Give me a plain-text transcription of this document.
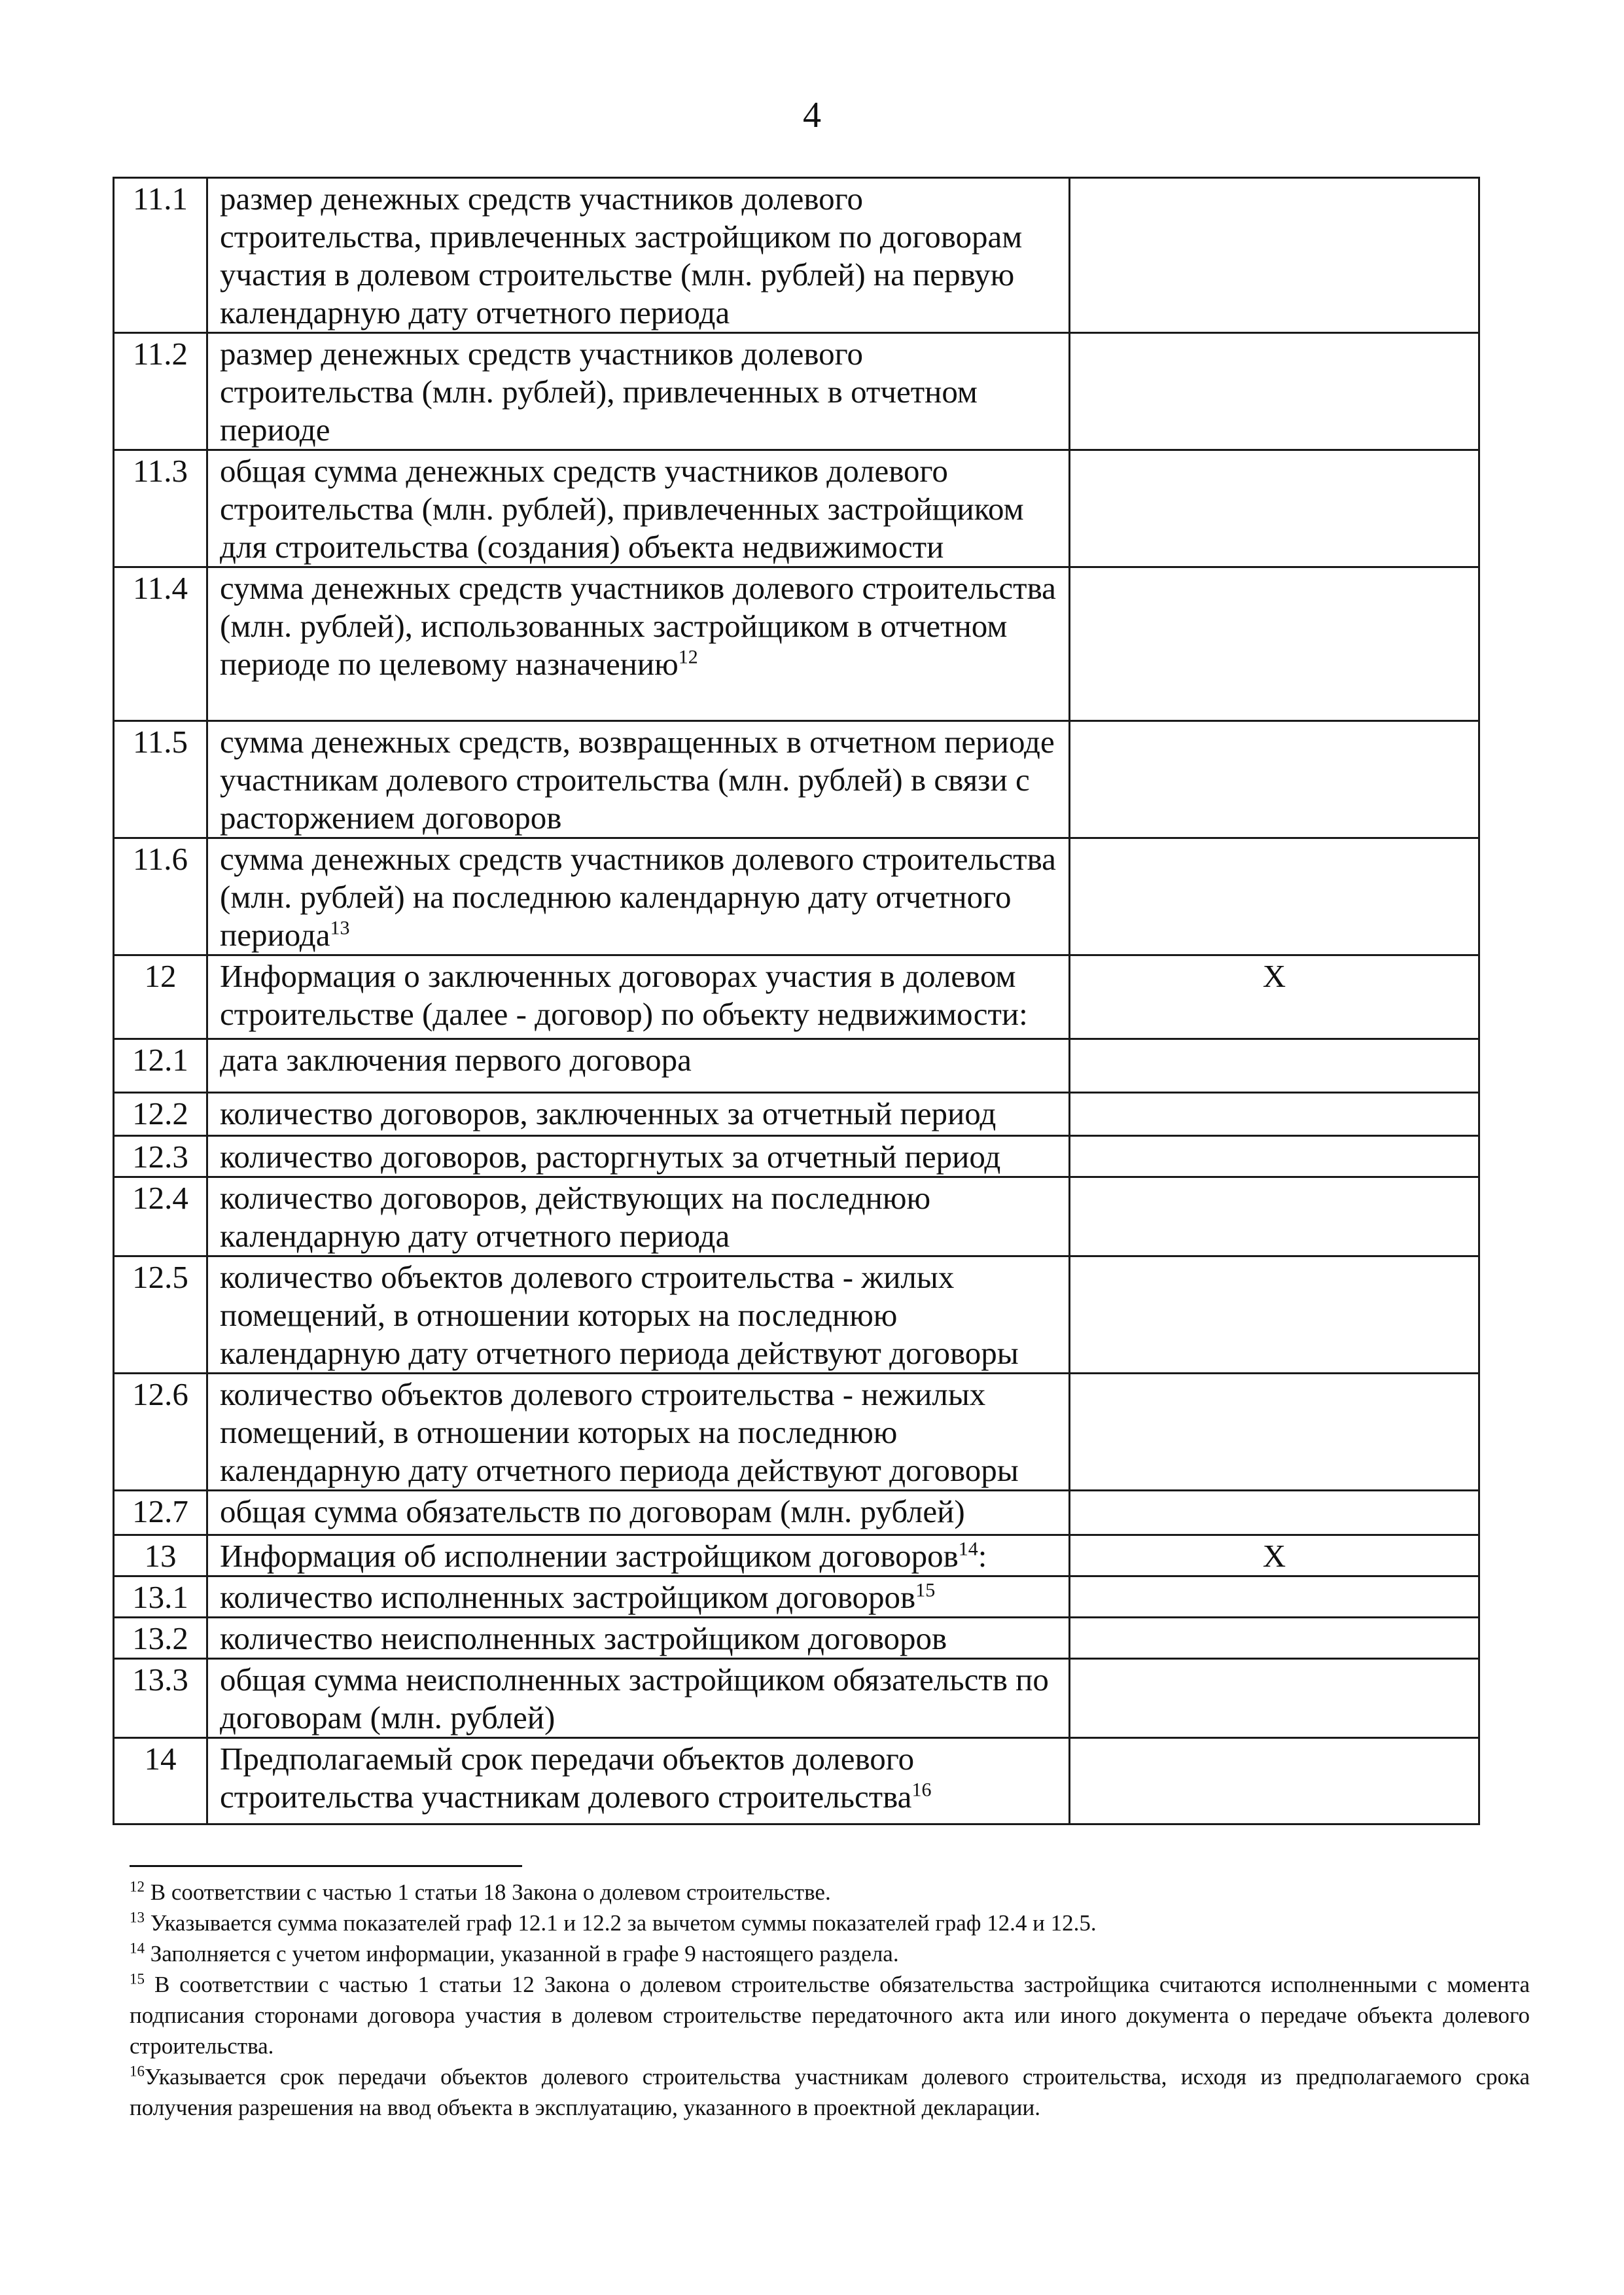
4
11.1	размер денежных средств участников долевого строительства, привлеченных застройщиком по договорам участия в долевом строительстве (млн. рублей) на первую календарную дату отчетного периода	
11.2	размер денежных средств участников долевого строительства (млн. рублей), привлеченных в отчетном периоде	
11.3	общая сумма денежных средств участников долевого строительства (млн. рублей), привлеченных застройщиком для строительства (создания) объекта недвижимости	
11.4	сумма денежных средств участников долевого строительства (млн. рублей), использованных застройщиком в отчетном периоде по целевому назначению$^{12}$	
11.5	сумма денежных средств, возвращенных в отчетном периоде участникам долевого строительства (млн. рублей) в связи с расторжением договоров	
11.6	сумма денежных средств участников долевого строительства (млн. рублей) на последнюю календарную дату отчетного периода$^{13}$	
12	Информация о заключенных договорах участия в долевом строительстве (далее - договор) по объекту недвижимости:	X
12.1	дата заключения первого договора	
12.2	количество договоров, заключенных за отчетный период	
12.3	количество договоров, расторгнутых за отчетный период	
12.4	количество договоров, действующих на последнюю календарную дату отчетного периода	
12.5	количество объектов долевого строительства - жилых помещений, в отношении которых на последнюю календарную дату отчетного периода действуют договоры	
12.6	количество объектов долевого строительства - нежилых помещений, в отношении которых на последнюю календарную дату отчетного периода действуют договоры	
12.7	общая сумма обязательств по договорам (млн. рублей)	
13	Информация об исполнении застройщиком договоров$^{14}$:	X
13.1	количество исполненных застройщиком договоров$^{15}$	
13.2	количество неисполненных застройщиком договоров	
13.3	общая сумма неисполненных застройщиком обязательств по договорам (млн. рублей)	
14	Предполагаемый срок передачи объектов долевого строительства участникам долевого строительства$^{16}$	
$^{12}$ В соответствии с частью 1 статьи 18 Закона о долевом строительстве.
$^{13}$ Указывается сумма показателей граф 12.1 и 12.2 за вычетом суммы показателей граф 12.4 и 12.5.
$^{14}$ Заполняется с учетом информации, указанной в графе 9 настоящего раздела.
$^{15}$ В соответствии с частью 1 статьи 12 Закона о долевом строительстве обязательства застройщика считаются исполненными с момента подписания сторонами договора участия в долевом строительстве передаточного акта или иного документа о передаче объекта долевого строительства.
$^{16}$Указывается срок передачи объектов долевого строительства участникам долевого строительства, исходя из предполагаемого срока получения разрешения на ввод объекта в эксплуатацию, указанного в проектной декларации.
